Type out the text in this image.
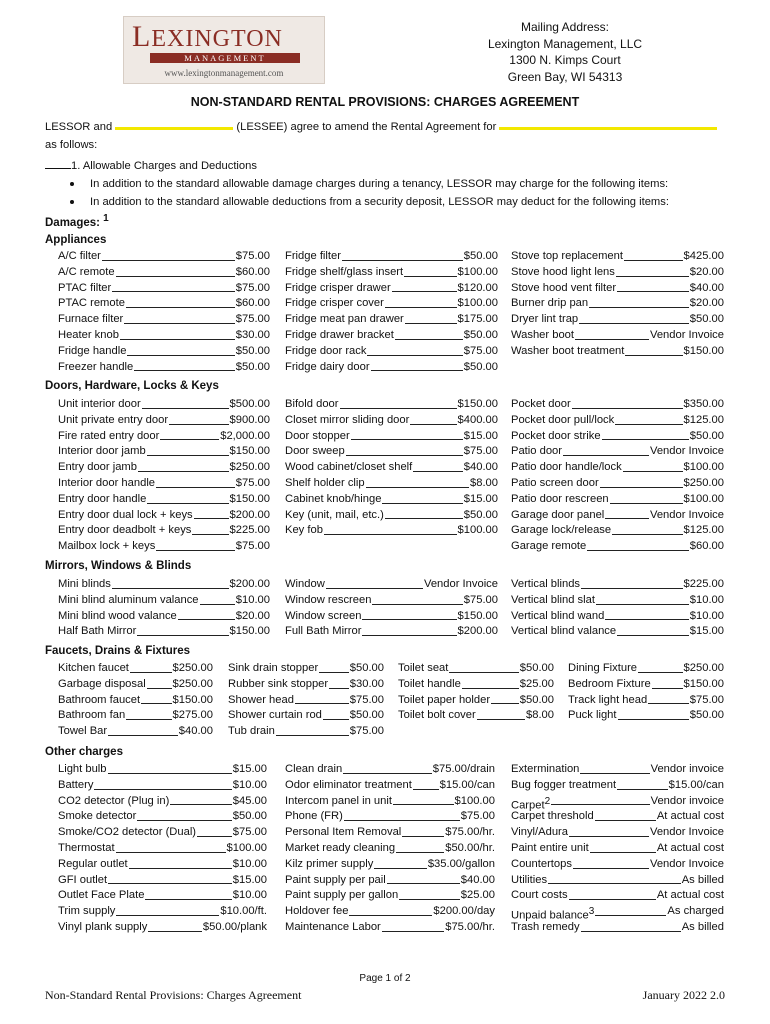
LEXINGTON
MANAGEMENT
www.lexingtonmanagement.com
Mailing Address:
Lexington Management, LLC
1300 N. Kimps Court
Green Bay, WI 54313
NON-STANDARD RENTAL PROVISIONS: CHARGES AGREEMENT
LESSOR and	(LESSEE) agree to amend the Rental Agreement for
as follows:
1. Allowable Charges and Deductions
In addition to the standard allowable damage charges during a tenancy, LESSOR may charge for the following items:
In addition to the standard allowable deductions from a security deposit, LESSOR may deduct for the following items:
Damages: 1
Appliances
A/C filter	$75.00
A/C remote	$60.00
PTAC filter	$75.00
PTAC remote	$60.00
Furnace filter	$75.00
Heater knob	$30.00
Fridge handle	$50.00
Freezer handle	$50.00
Fridge filter	$50.00
Fridge shelf/glass insert	$100.00
Fridge crisper drawer	$120.00
Fridge crisper cover	$100.00
Fridge meat pan drawer	$175.00
Fridge drawer bracket	$50.00
Fridge door rack	$75.00
Fridge dairy door	$50.00
Stove top replacement	$425.00
Stove hood light lens	$20.00
Stove hood vent filter	$40.00
Burner drip pan	$20.00
Dryer lint trap	$50.00
Washer boot	Vendor Invoice
Washer boot treatment	$150.00
Doors, Hardware, Locks & Keys
Unit interior door	$500.00
Unit private entry door	$900.00
Fire rated entry door	$2,000.00
Interior door jamb	$150.00
Entry door jamb	$250.00
Interior door handle	$75.00
Entry door handle	$150.00
Entry door dual lock + keys	$200.00
Entry door deadbolt + keys	$225.00
Mailbox lock + keys	$75.00
Bifold door	$150.00
Closet mirror sliding door	$400.00
Door stopper	$15.00
Door sweep	$75.00
Wood cabinet/closet shelf	$40.00
Shelf holder clip	$8.00
Cabinet knob/hinge	$15.00
Key (unit, mail, etc.)	$50.00
Key fob	$100.00
Pocket door	$350.00
Pocket door pull/lock	$125.00
Pocket door strike	$50.00
Patio door	Vendor Invoice
Patio door handle/lock	$100.00
Patio screen door	$250.00
Patio door rescreen	$100.00
Garage door panel	Vendor Invoice
Garage lock/release	$125.00
Garage remote	$60.00
Mirrors, Windows & Blinds
Mini blinds	$200.00
Mini blind aluminum valance	$10.00
Mini blind wood valance	$20.00
Half Bath Mirror	$150.00
Window	Vendor Invoice
Window rescreen	$75.00
Window screen	$150.00
Full Bath Mirror	$200.00
Vertical blinds	$225.00
Vertical blind slat	$10.00
Vertical blind wand	$10.00
Vertical blind valance	$15.00
Faucets, Drains & Fixtures
Kitchen faucet	$250.00
Garbage disposal $250.00
Bathroom faucet	$150.00
Bathroom fan	$275.00
Towel Bar	$40.00
Sink drain stopper	$50.00
Rubber sink stopper $30.00
Shower head	$75.00
Shower curtain rod $50.00
Tub drain	$75.00
Toilet seat	$50.00
Toilet handle	$25.00
Toilet paper holder	$50.00
Toilet bolt cover	$8.00
Dining Fixture	$250.00
Bedroom Fixture	$150.00
Track light head	$75.00
Puck light	$50.00
Other charges
Light bulb	$15.00
Battery	$10.00
CO2 detector (Plug in)	$45.00
Smoke detector	$50.00
Smoke/CO2 detector (Dual)	$75.00
Thermostat	$100.00
Regular outlet	$10.00
GFI outlet	$15.00
Outlet Face Plate	$10.00
Trim supply	$10.00/ft.
Vinyl plank supply	$50.00/plank
Clean drain	$75.00/drain
Odor eliminator treatment $15.00/can
Intercom panel in unit	$100.00
Phone (FR)	$75.00
Personal Item Removal	$75.00/hr.
Market ready cleaning	$50.00/hr.
Kilz primer supply	$35.00/gallon
Paint supply per pail	$40.00
Paint supply per gallon	$25.00
Holdover fee	$200.00/day
Maintenance Labor	$75.00/hr.
Extermination	Vendor invoice
Bug fogger treatment	$15.00/can
Carpet2	Vendor invoice
Carpet threshold	At actual cost
Vinyl/Adura	Vendor Invoice
Paint entire unit	At actual cost
Countertops	Vendor Invoice
Utilities	As billed
Court costs	At actual cost
Unpaid balance3	As charged
Trash remedy	As billed
Page 1 of 2
Non-Standard Rental Provisions: Charges Agreement	January 2022 2.0
